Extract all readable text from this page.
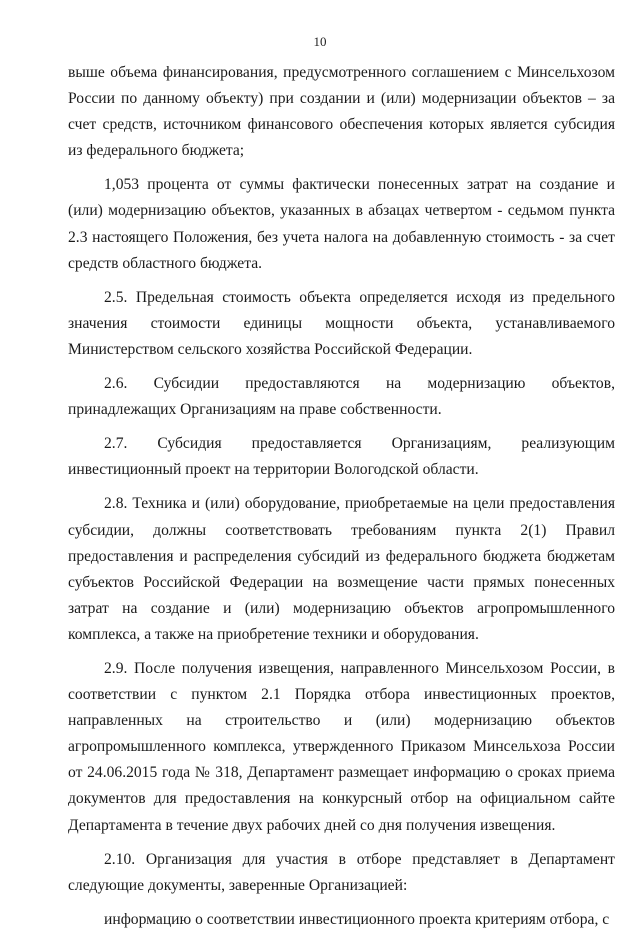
10

выше объема финансирования, предусмотренного соглашением с Минсельхозом России по данному объекту) при создании и (или) модернизации объектов – за счет средств, источником финансового обеспечения которых является субсидия из федерального бюджета;

1,053 процента от суммы фактически понесенных затрат на создание и (или) модернизацию объектов, указанных в абзацах четвертом - седьмом пункта 2.3 настоящего Положения, без учета налога на добавленную стоимость - за счет средств областного бюджета.

2.5. Предельная стоимость объекта определяется исходя из предельного значения стоимости единицы мощности объекта, устанавливаемого Министерством сельского хозяйства Российской Федерации.

2.6. Субсидии предоставляются на модернизацию объектов, принадлежащих Организациям на праве собственности.

2.7. Субсидия предоставляется Организациям, реализующим инвестиционный проект на территории Вологодской области.

2.8. Техника и (или) оборудование, приобретаемые на цели предоставления субсидии, должны соответствовать требованиям пункта 2(1) Правил предоставления и распределения субсидий из федерального бюджета бюджетам субъектов Российской Федерации на возмещение части прямых понесенных затрат на создание и (или) модернизацию объектов агропромышленного комплекса, а также на приобретение техники и оборудования.

2.9. После получения извещения, направленного Минсельхозом России, в соответствии с пунктом 2.1 Порядка отбора инвестиционных проектов, направленных на строительство и (или) модернизацию объектов агропромышленного комплекса, утвержденного Приказом Минсельхоза России от 24.06.2015 года № 318, Департамент размещает информацию о сроках приема документов для предоставления на конкурсный отбор на официальном сайте Департамента в течение двух рабочих дней со дня получения извещения.

2.10. Организация для участия в отборе представляет в Департамент следующие документы, заверенные Организацией:

информацию о соответствии инвестиционного проекта критериям отбора, с
